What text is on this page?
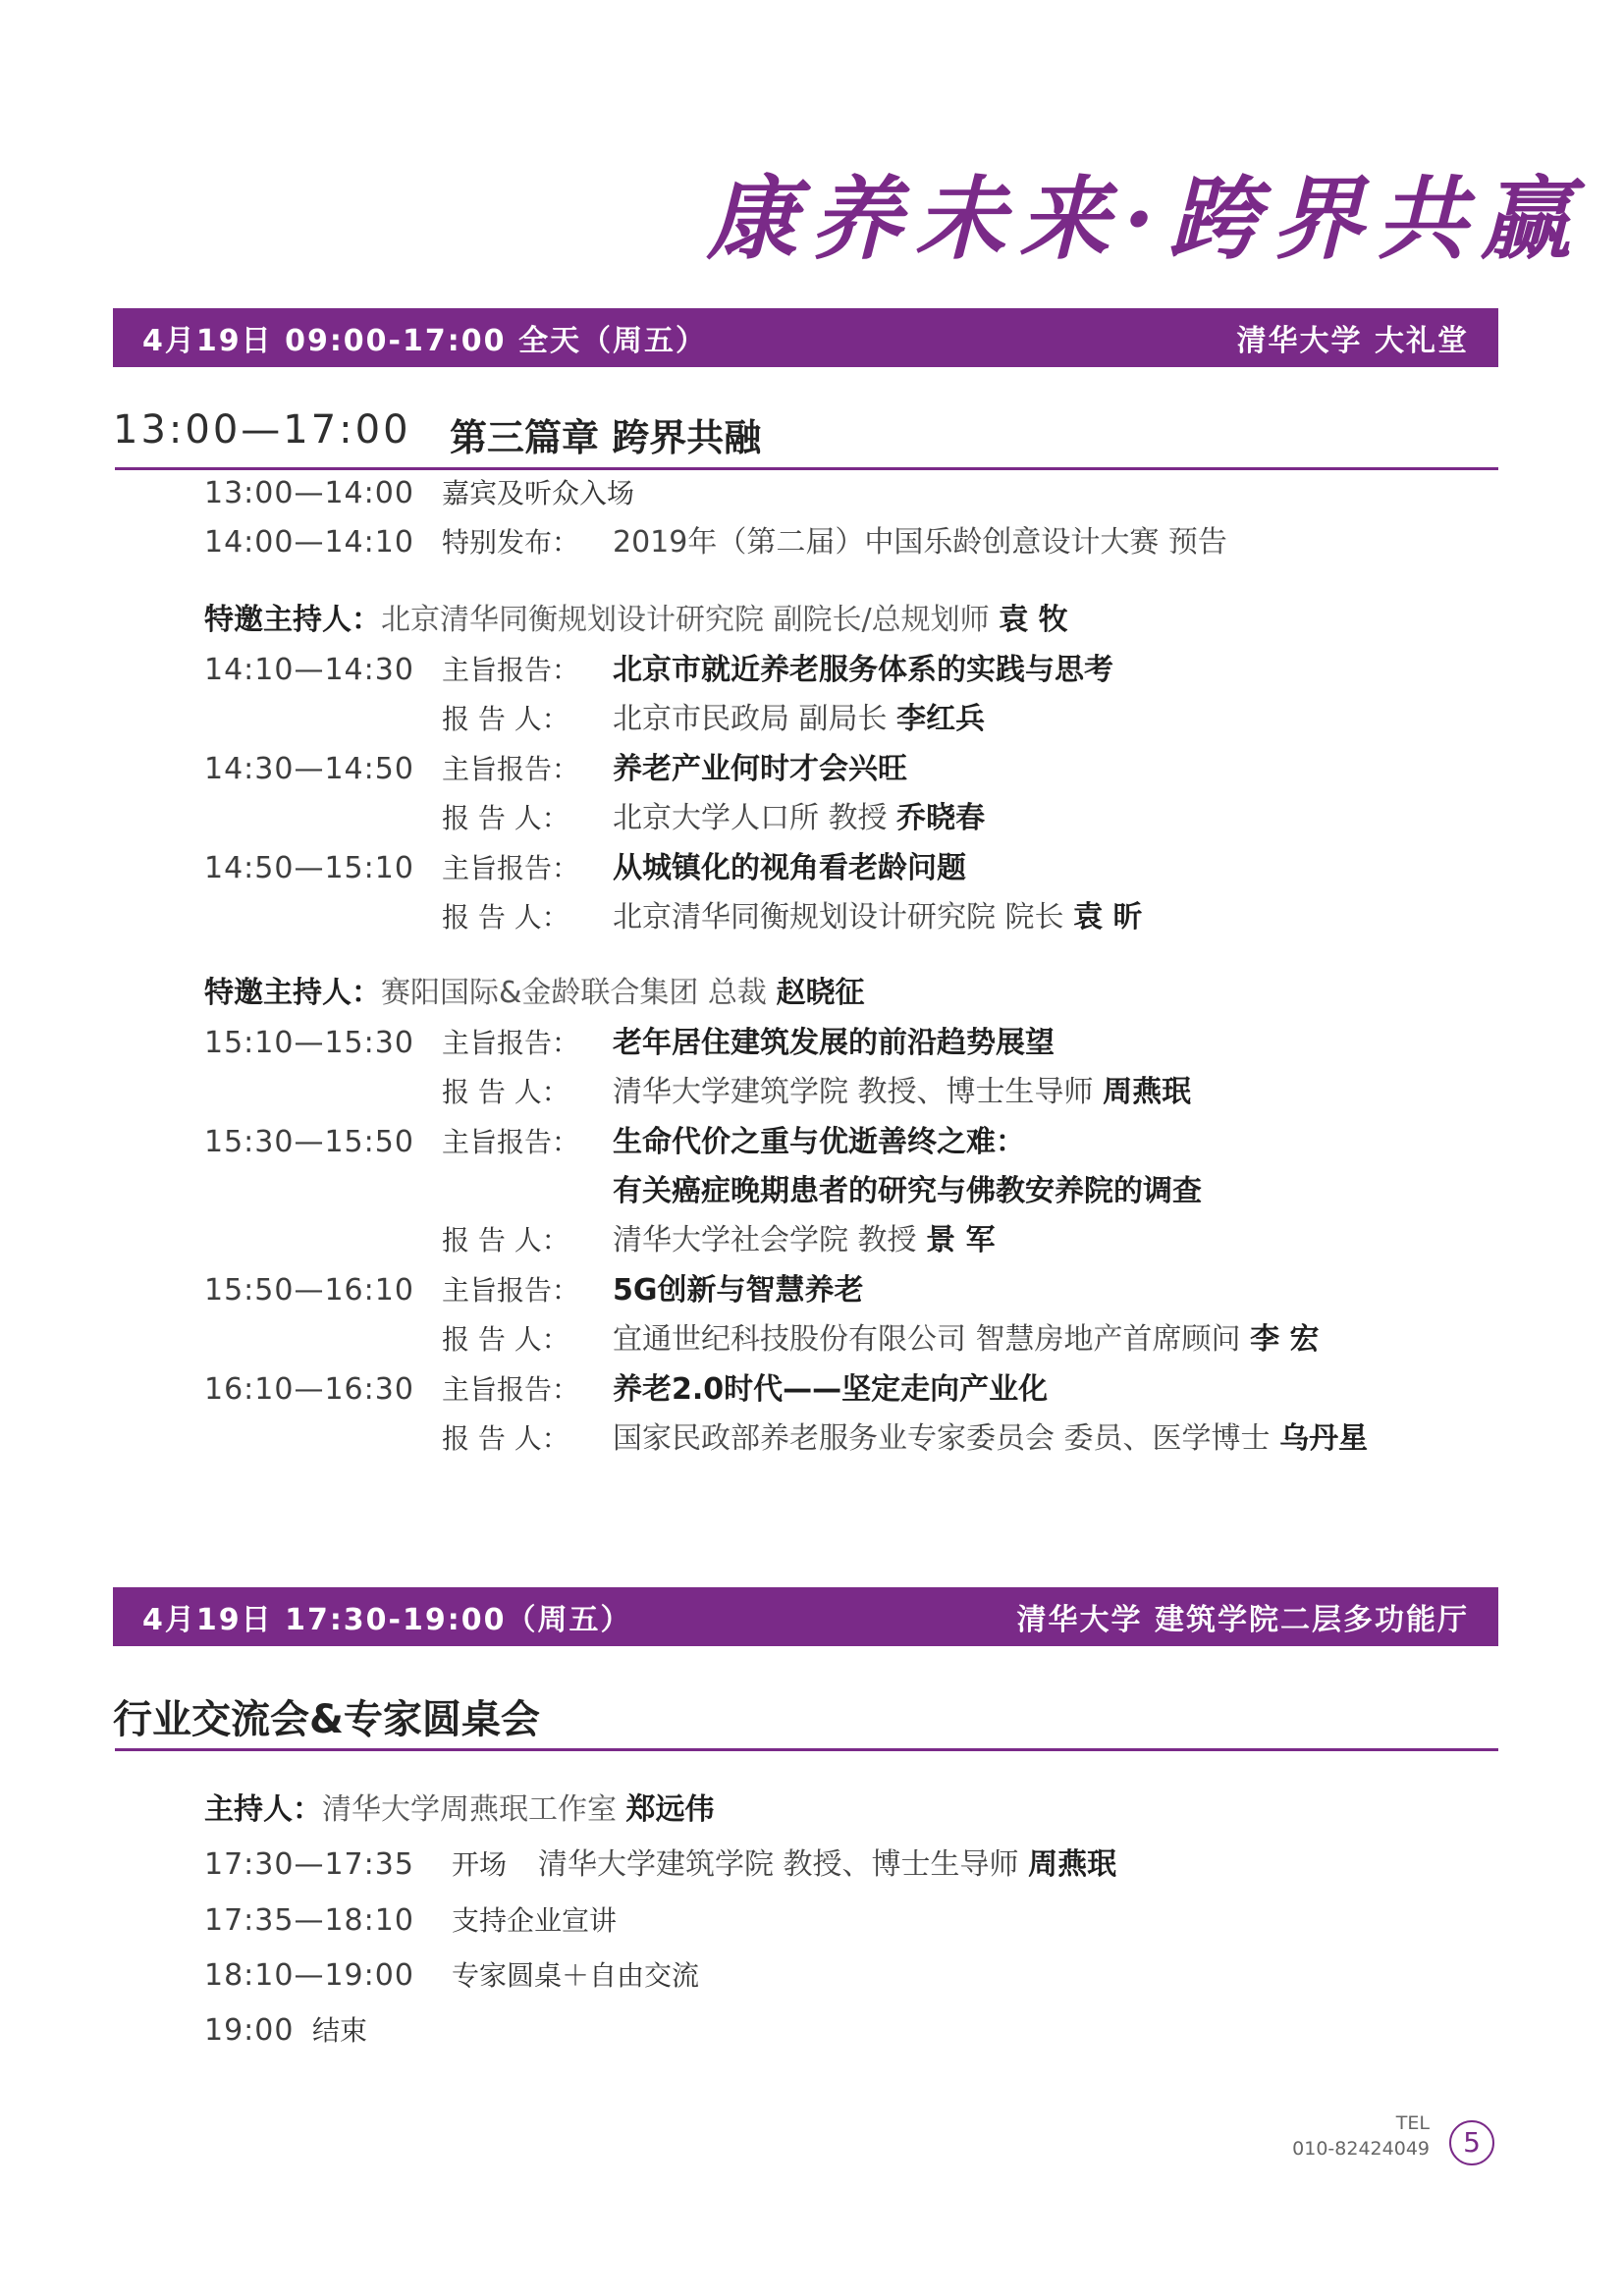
康养未来·跨界共赢
4月19日 09:00-17:00 全天（周五）	清华大学 大礼堂
13:00—17:00 第三篇章 跨界共融
13:00—14:00 嘉宾及听众入场
14:00—14:10 特别发布： 2019年（第二届）中国乐龄创意设计大赛 预告
特邀主持人：北京清华同衡规划设计研究院 副院长/总规划师 袁 牧
14:10—14:30 主旨报告： 北京市就近养老服务体系的实践与思考
报 告 人： 北京市民政局 副局长 李红兵
14:30—14:50 主旨报告： 养老产业何时才会兴旺
报 告 人： 北京大学人口所 教授 乔晓春
14:50—15:10 主旨报告： 从城镇化的视角看老龄问题
报 告 人： 北京清华同衡规划设计研究院 院长 袁 昕
特邀主持人：赛阳国际&金龄联合集团 总裁 赵晓征
15:10—15:30 主旨报告： 老年居住建筑发展的前沿趋势展望
报 告 人： 清华大学建筑学院 教授、博士生导师 周燕珉
15:30—15:50 主旨报告： 生命代价之重与优逝善终之难：
有关癌症晚期患者的研究与佛教安养院的调查
报 告 人： 清华大学社会学院 教授 景 军
15:50—16:10 主旨报告： 5G创新与智慧养老
报 告 人： 宜通世纪科技股份有限公司 智慧房地产首席顾问 李 宏
16:10—16:30 主旨报告： 养老2.0时代——坚定走向产业化
报 告 人： 国家民政部养老服务业专家委员会 委员、医学博士 乌丹星
4月19日 17:30-19:00（周五）	清华大学 建筑学院二层多功能厅
行业交流会&专家圆桌会
主持人：清华大学周燕珉工作室 郑远伟
17:30—17:35 开场 清华大学建筑学院 教授、博士生导师 周燕珉
17:35—18:10 支持企业宣讲
18:10—19:00 专家圆桌＋自由交流
19:00 结束
TEL
010-82424049	5
